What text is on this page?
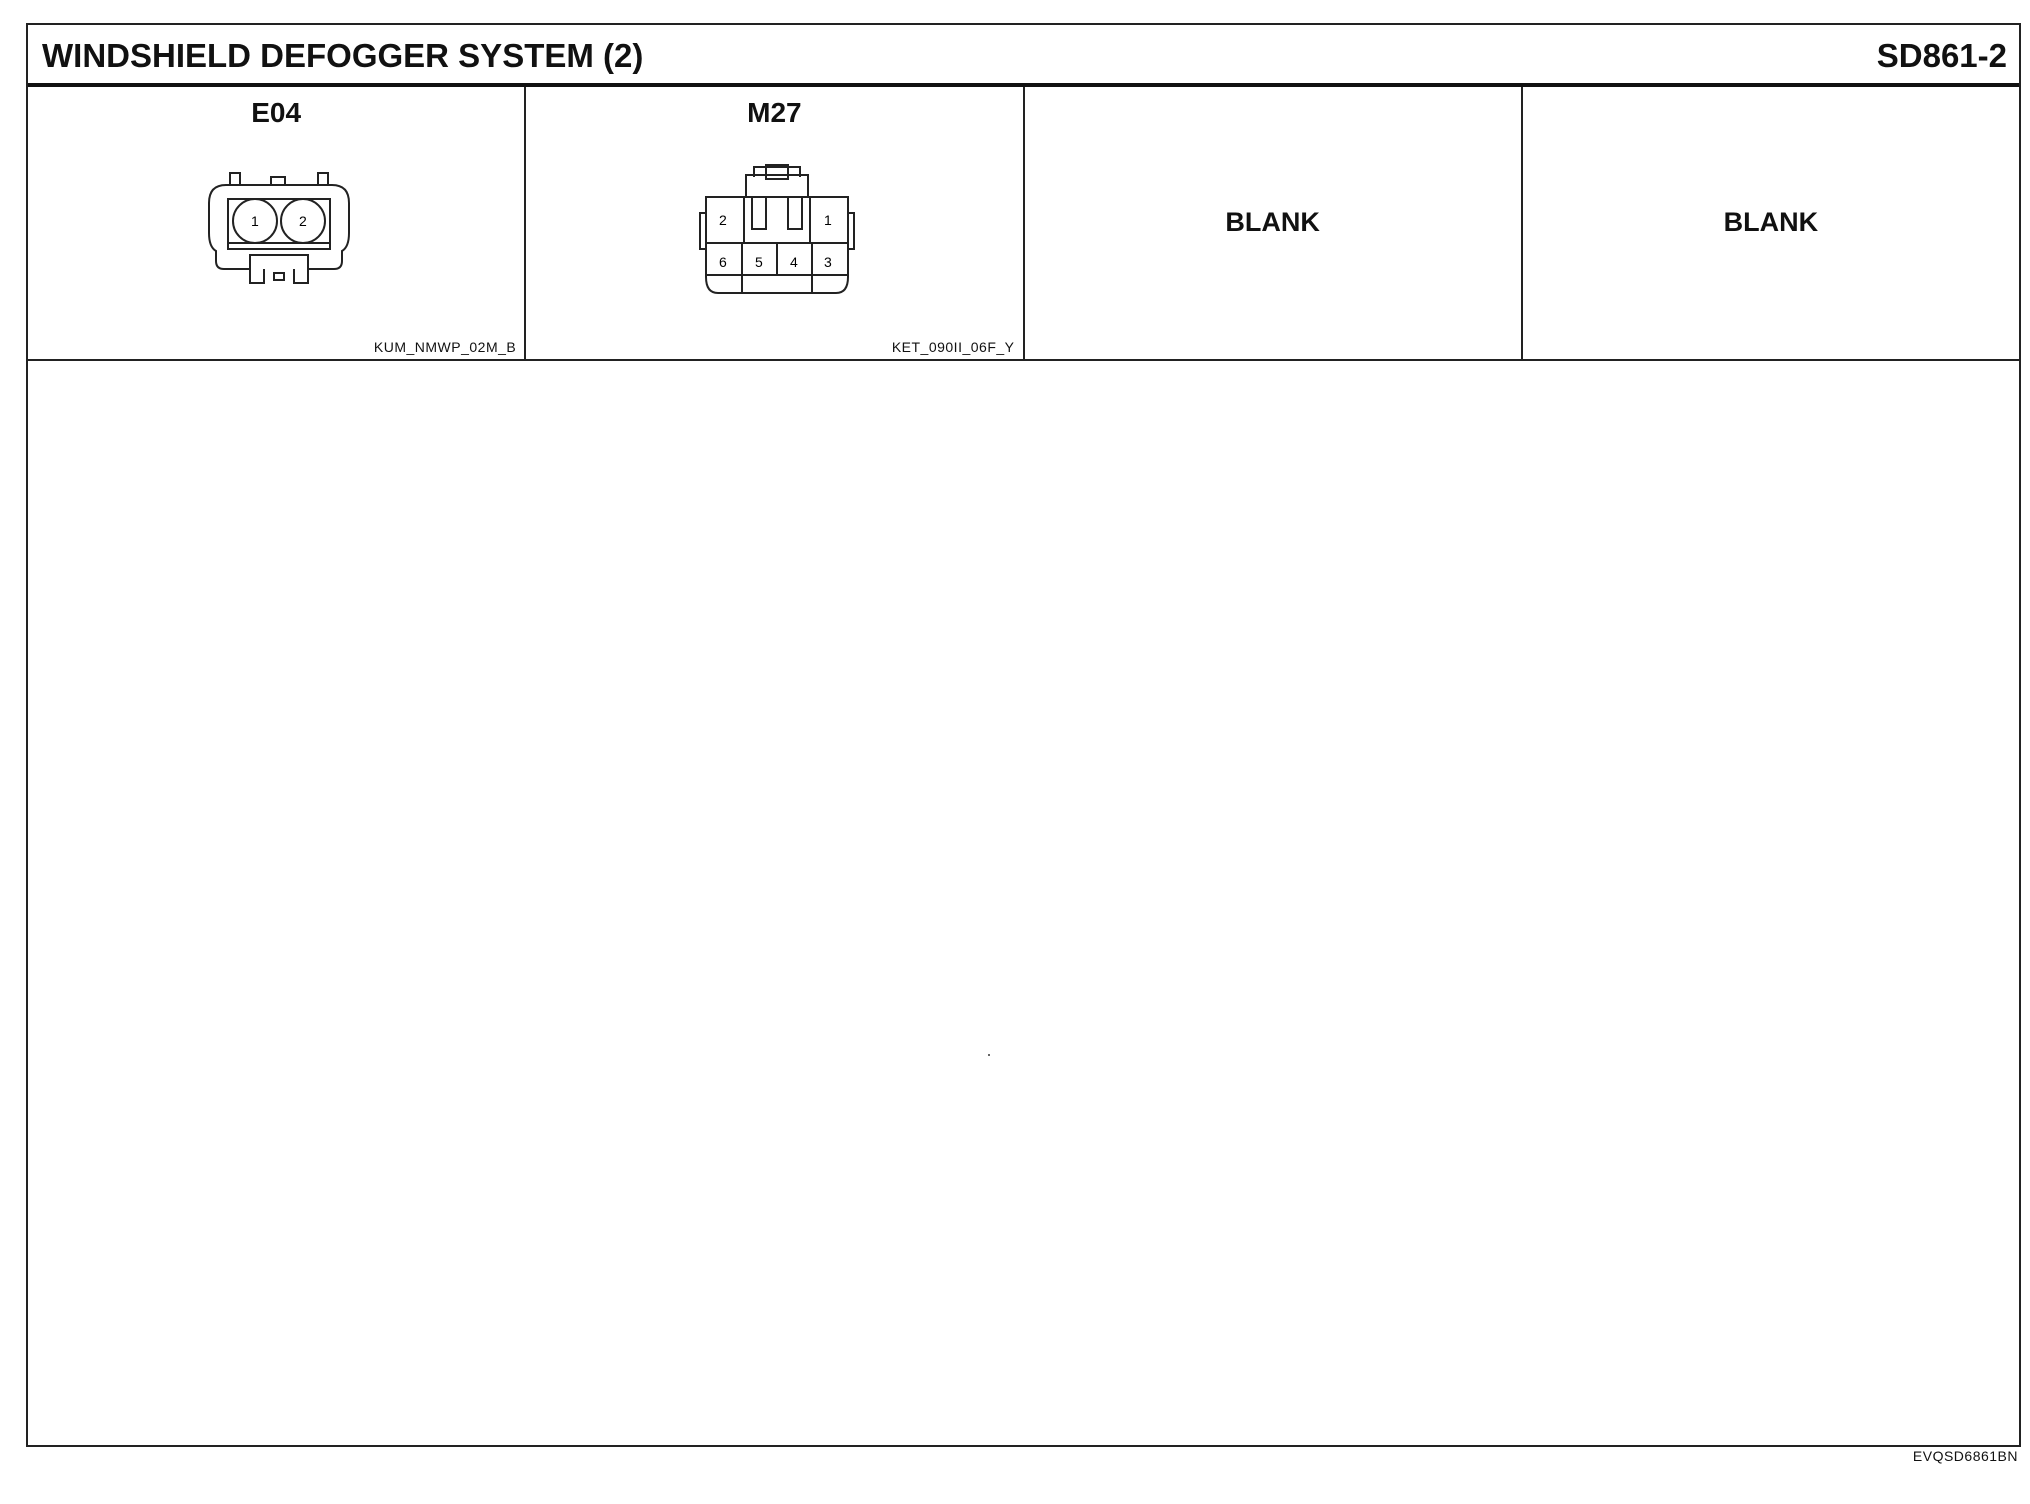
WINDSHIELD DEFOGGER SYSTEM (2)	SD861-2
E04
1	2
KUM_NMWP_02M_B
M27
2	1
6 5 4 3
KET_090II_06F_Y
BLANK	BLANK
EVQSD6861BN
